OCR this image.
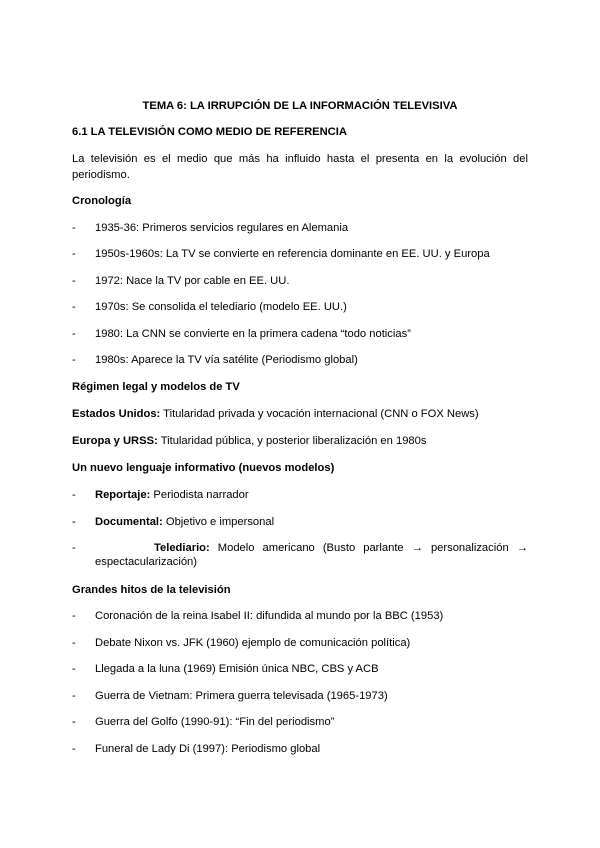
TEMA 6: LA IRRUPCIÓN DE LA INFORMACIÓN TELEVISIVA
6.1 LA TELEVISIÓN COMO MEDIO DE REFERENCIA
La televisión es el medio que más ha influido hasta el presenta en la evolución del periodismo.
Cronología
- 1935-36: Primeros servicios regulares en Alemania
- 1950s-1960s: La TV se convierte en referencia dominante en EE. UU. y Europa
- 1972: Nace la TV por cable en EE. UU.
- 1970s: Se consolida el telediario (modelo EE. UU.)
- 1980: La CNN se convierte en la primera cadena “todo noticias”
- 1980s: Aparece la TV vía satélite (Periodismo global)
Régimen legal y modelos de TV
Estados Unidos: Titularidad privada y vocación internacional (CNN o FOX News)
Europa y URSS: Titularidad pública, y posterior liberalización en 1980s
Un nuevo lenguaje informativo (nuevos modelos)
- Reportaje: Periodista narrador
- Documental: Objetivo e impersonal
-	Telediario: Modelo americano (Busto parlante → personalización →
espectacularización)
Grandes hitos de la televisión
- Coronación de la reina Isabel II: difundida al mundo por la BBC (1953)
- Debate Nixon vs. JFK (1960) ejemplo de comunicación política)
- Llegada a la luna (1969) Emisión única NBC, CBS y ACB
- Guerra de Vietnam: Primera guerra televisada (1965-1973)
- Guerra del Golfo (1990-91): “Fin del periodismo”
- Funeral de Lady Di (1997): Periodismo global
